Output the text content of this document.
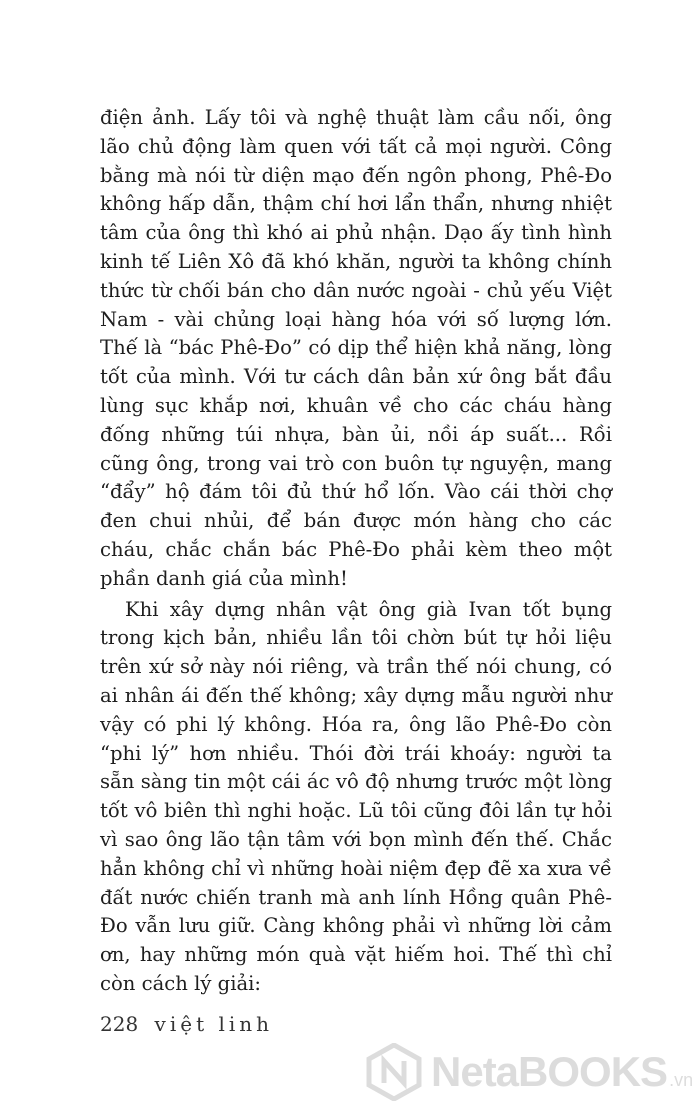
điện ảnh. Lấy tôi và nghệ thuật làm cầu nối, ông lão chủ động làm quen với tất cả mọi người. Công bằng mà nói từ diện mạo đến ngôn phong, Phê-Đo không hấp dẫn, thậm chí hơi lẩn thẩn, nhưng nhiệt tâm của ông thì khó ai phủ nhận. Dạo ấy tình hình kinh tế Liên Xô đã khó khăn, người ta không chính thức từ chối bán cho dân nước ngoài - chủ yếu Việt Nam - vài chủng loại hàng hóa với số lượng lớn. Thế là “bác Phê-Đo” có dịp thể hiện khả năng, lòng tốt của mình. Với tư cách dân bản xứ ông bắt đầu lùng sục khắp nơi, khuân về cho các cháu hàng đống những túi nhựa, bàn ủi, nồi áp suất... Rồi cũng ông, trong vai trò con buôn tự nguyện, mang “đẩy” hộ đám tôi đủ thứ hổ lốn. Vào cái thời chợ đen chui nhủi, để bán được món hàng cho các cháu, chắc chắn bác Phê-Đo phải kèm theo một phần danh giá của mình!

Khi xây dựng nhân vật ông già Ivan tốt bụng trong kịch bản, nhiều lần tôi chờn bút tự hỏi liệu trên xứ sở này nói riêng, và trần thế nói chung, có ai nhân ái đến thế không; xây dựng mẫu người như vậy có phi lý không. Hóa ra, ông lão Phê-Đo còn “phi lý” hơn nhiều. Thói đời trái khoáy: người ta sẵn sàng tin một cái ác vô độ nhưng trước một lòng tốt vô biên thì nghi hoặc. Lũ tôi cũng đôi lần tự hỏi vì sao ông lão tận tâm với bọn mình đến thế. Chắc hẳn không chỉ vì những hoài niệm đẹp đẽ xa xưa về đất nước chiến tranh mà anh lính Hồng quân Phê-Đo vẫn lưu giữ. Càng không phải vì những lời cảm ơn, hay những món quà vặt hiếm hoi. Thế thì chỉ còn cách lý giải:

228 việt linh
NetaBOOKS .vn
